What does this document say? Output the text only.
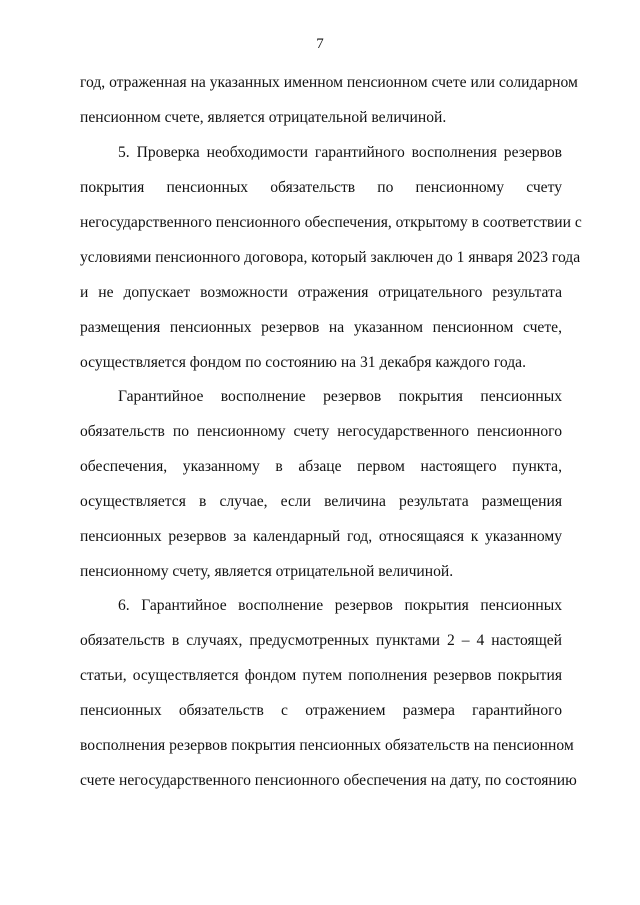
7
год, отраженная на указанных именном пенсионном счете или солидарном
пенсионном счете, является отрицательной величиной.
5. Проверка необходимости гарантийного восполнения резервов
покрытия пенсионных обязательств по пенсионному счету
негосударственного пенсионного обеспечения, открытому в соответствии с
условиями пенсионного договора, который заключен до 1 января 2023 года
и не допускает возможности отражения отрицательного результата
размещения пенсионных резервов на указанном пенсионном счете,
осуществляется фондом по состоянию на 31 декабря каждого года.
Гарантийное восполнение резервов покрытия пенсионных
обязательств по пенсионному счету негосударственного пенсионного
обеспечения, указанному в абзаце первом настоящего пункта,
осуществляется в случае, если величина результата размещения
пенсионных резервов за календарный год, относящаяся к указанному
пенсионному счету, является отрицательной величиной.
6. Гарантийное восполнение резервов покрытия пенсионных
обязательств в случаях, предусмотренных пунктами 2 – 4 настоящей
статьи, осуществляется фондом путем пополнения резервов покрытия
пенсионных обязательств с отражением размера гарантийного
восполнения резервов покрытия пенсионных обязательств на пенсионном
счете негосударственного пенсионного обеспечения на дату, по состоянию
